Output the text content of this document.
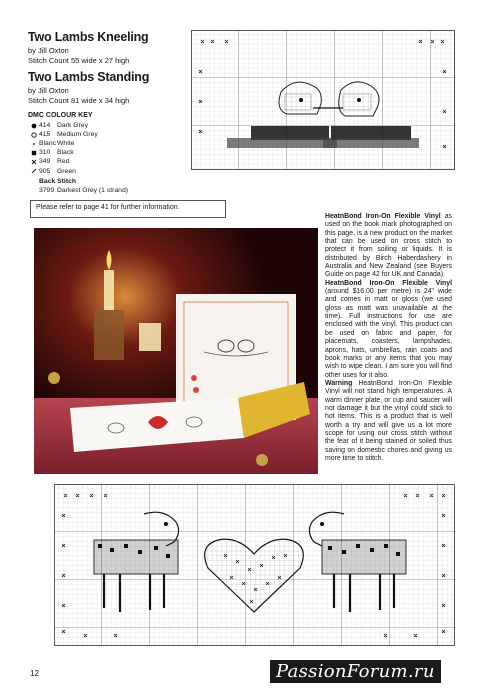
Two Lambs Kneeling
by Jill Oxton
Stitch Count 55 wide x 27 high
Two Lambs Standing
by Jill Oxton
Stitch Count 81 wide x 34 high
DMC COLOUR KEY
414 Dark Grey
415 Medium Grey
Blanc White
310 Black
349 Red
905 Green
Back Stitch
3799 Darkest Grey (1 strand)
Please refer to page 41 for further information.

HeatnBond Iron-On Flexible Vinyl as used on the book mark photographed on this page, is a new product on the market that can be used on cross stitch to protect it from soiling or liquids. It is distributed by Birch Haberdashery in Australia and New Zealand (see Buyers Guide on page 42 for UK and Canada).

HeatnBond Iron-On Flexible Vinyl (around $16.00 per metre) is 24" wide and comes in matt or gloss (we used gloss as matt was unavailable at the time). Full instructions for use are enclosed with the vinyl. This product can be used on fabric and paper, for placemats, coasters, lampshades, aprons, hats, umbrellas, rain coats and book marks or any items that you may wish to wipe clean. I am sure you will find other uses for it also.

Warning HeatnBond Iron-On Flexible Vinyl will not stand high temperatures. A warm dinner plate, or cup and saucer will not damage it but the vinyl could stick to hot items. This is a product that is well worth a try and will give us a lot more scope for using our cross stitch without the fear of it being stained or soiled thus saving on domestic chores and giving us more time to stitch.

12	PassionForum.ru
